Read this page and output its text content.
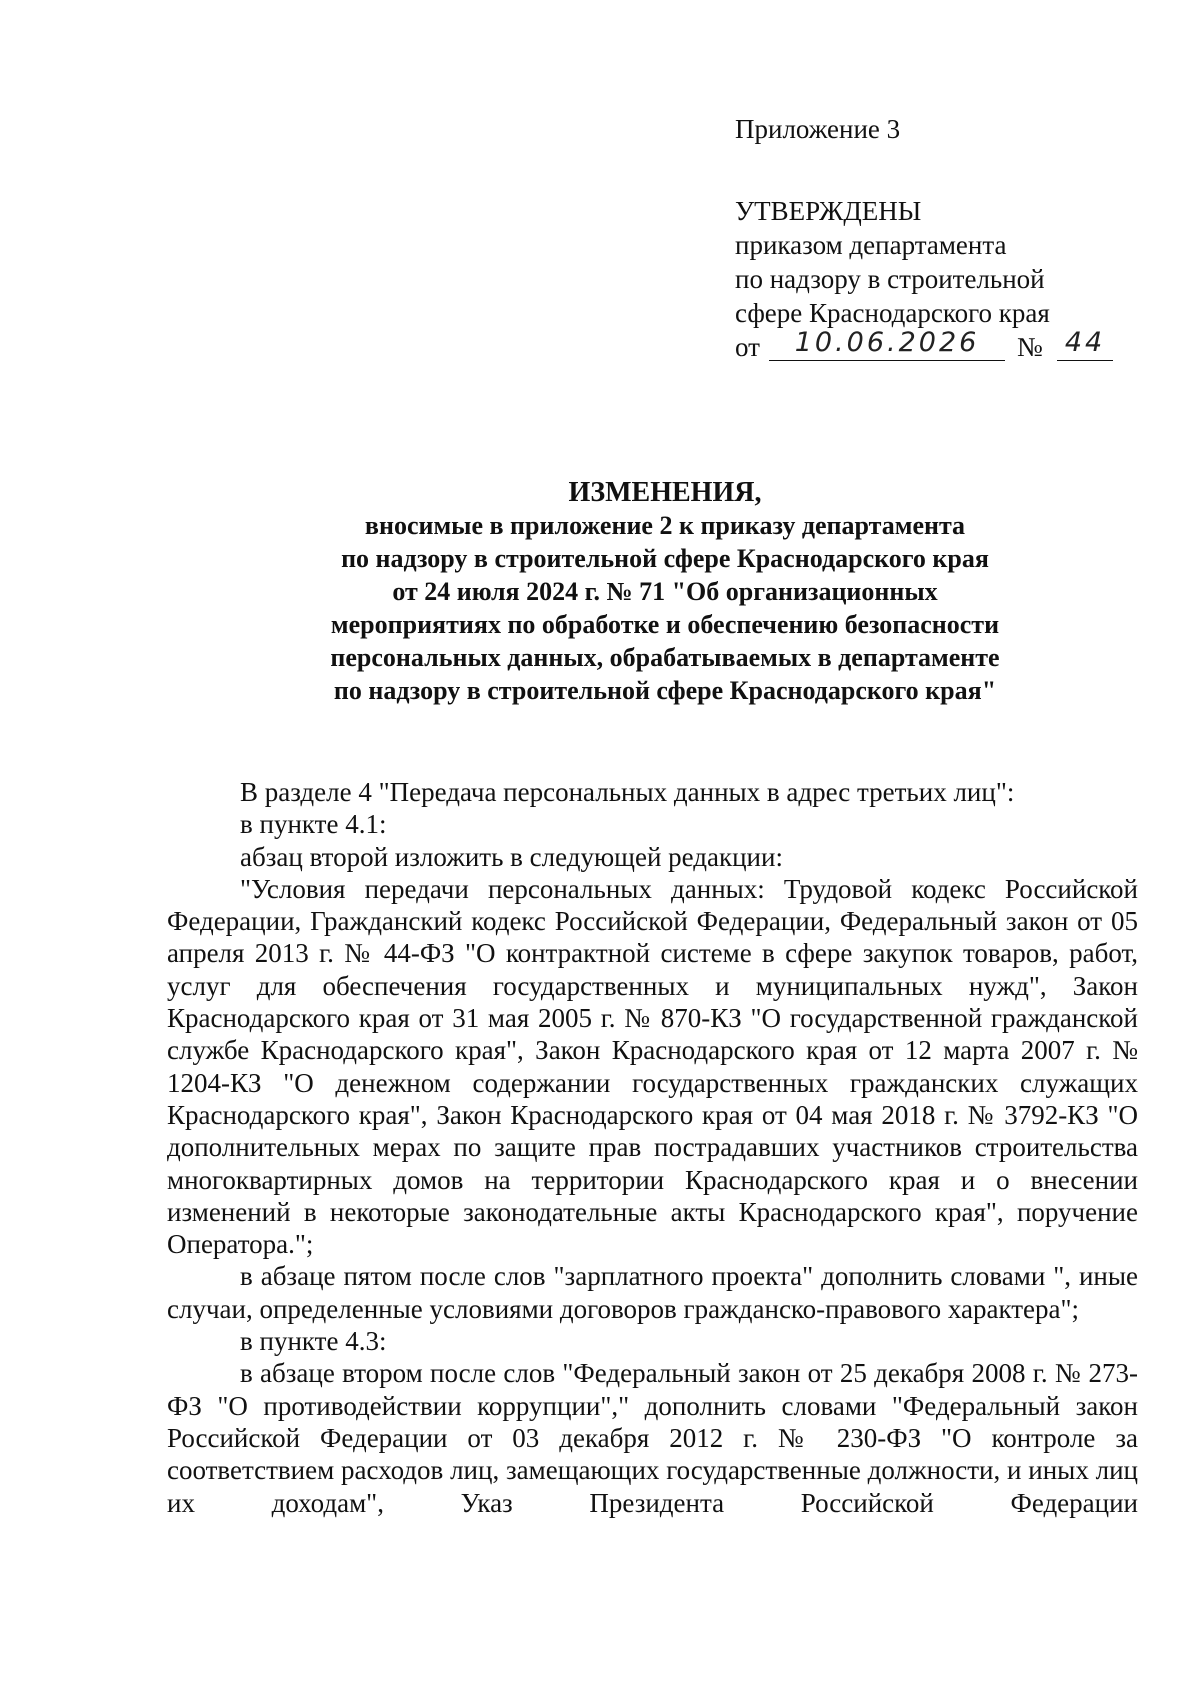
Приложение 3
УТВЕРЖДЕНЫ
приказом департамента
по надзору в строительной
сфере Краснодарского края
от	10.06.2026	№ 44
ИЗМЕНЕНИЯ,
вносимые в приложение 2 к приказу департамента
по надзору в строительной сфере Краснодарского края
от 24 июля 2024 г. № 71 "Об организационных
мероприятиях по обработке и обеспечению безопасности
персональных данных, обрабатываемых в департаменте
по надзору в строительной сфере Краснодарского края"

В разделе 4 "Передача персональных данных в адрес третьих лиц":

в пункте 4.1:

абзац второй изложить в следующей редакции:

"Условия передачи персональных данных: Трудовой кодекс Российской Федерации, Гражданский кодекс Российской Федерации, Федеральный закон от 05 апреля 2013 г. № 44-ФЗ "О контрактной системе в сфере закупок товаров, работ, услуг для обеспечения государственных и муниципальных нужд", Закон Краснодарского края от 31 мая 2005 г. № 870-КЗ "О государственной гражданской службе Краснодарского края", Закон Краснодарского края от 12 марта 2007 г. № 1204-КЗ "О денежном содержании государственных гражданских служащих Краснодарского края", Закон Краснодарского края от 04 мая 2018 г. № 3792-КЗ "О дополнительных мерах по защите прав пострадавших участников строительства многоквартирных домов на территории Краснодарского края и о внесении изменений в некоторые законодательные акты Краснодарского края", поручение Оператора.";

в абзаце пятом после слов "зарплатного проекта" дополнить словами ", иные случаи, определенные условиями договоров гражданско-правового характера";

в пункте 4.3:

в абзаце втором после слов "Федеральный закон от 25 декабря 2008 г. № 273-ФЗ "О противодействии коррупции"," дополнить словами "Федеральный закон Российской Федерации от 03 декабря 2012 г. № 230-ФЗ "О контроле за соответствием расходов лиц, замещающих государственные должности, и иных лиц их доходам", Указ Президента Российской Федерации
